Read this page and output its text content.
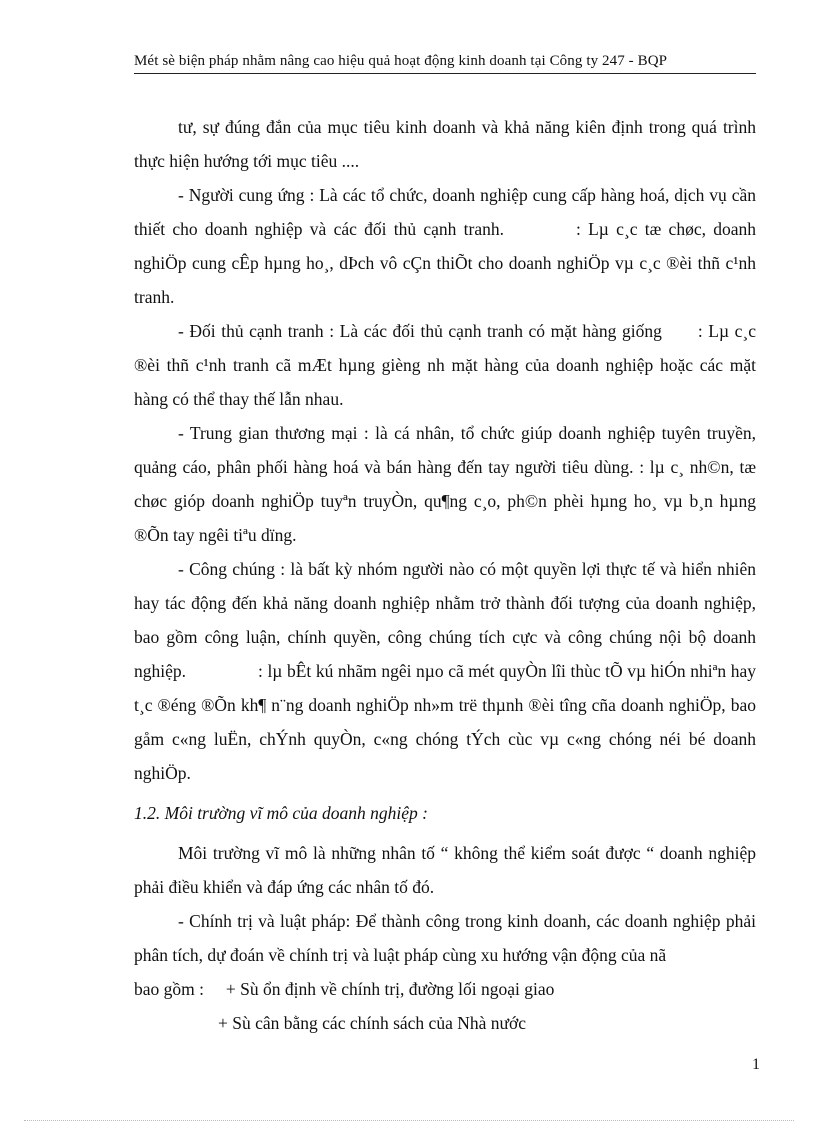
Mét sè biện pháp nhằm nâng cao hiệu quả hoạt động kinh doanh tại Công ty 247 - BQP

tư, sự đúng đắn của mục tiêu kinh doanh và khả năng kiên định trong quá trình thực hiện hướng tới mục tiêu ....

- Người cung ứng : Là các tổ chức, doanh nghiệp cung cấp hàng hoá, dịch vụ cần thiết cho doanh nghiệp và các đối thủ cạnh tranh.	: Lµ c¸c tæ chøc, doanh nghiÖp cung cÊp hµng ho¸, dÞch vô cÇn thiÕt cho doanh nghiÖp vµ c¸c ®èi thñ c¹nh tranh.

- Đối thủ cạnh tranh : Là các đối thủ cạnh tranh có mặt hàng giống : Lµ c¸c ®èi thñ c¹nh tranh cã mÆt hµng gièng nh mặt hàng của doanh nghiệp hoặc các mặt hàng có thể thay thế lẫn nhau.

- Trung gian thương mại : là cá nhân, tổ chức giúp doanh nghiệp tuyên truyền, quảng cáo, phân phối hàng hoá và bán hàng đến tay người tiêu dùng. : lµ c¸ nh©n, tæ chøc gióp doanh nghiÖp tuyªn truyÒn, qu¶ng c¸o, ph©n phèi hµng ho¸ vµ b¸n hµng ®Õn tay ngêi tiªu dïng.

- Công chúng : là bất kỳ nhóm người nào có một quyền lợi thực tế và hiển nhiên hay tác động đến khả năng doanh nghiệp nhằm trở thành đối tượng của doanh nghiệp, bao gồm công luận, chính quyền, công chúng tích cực và công chúng nội bộ doanh nghiệp.	: lµ bÊt kú nhãm ngêi nµo cã mét quyÒn lîi thùc tÕ vµ hiÓn nhiªn hay t¸c ®éng ®Õn kh¶ n¨ng doanh nghiÖp nh»m trë thµnh ®èi tîng cña doanh nghiÖp, bao gåm c«ng luËn, chÝnh quyÒn, c«ng chóng tÝch cùc vµ c«ng chóng néi bé doanh nghiÖp.

1.2. Môi trường vĩ mô của doanh nghiệp :

Môi trường vĩ mô là những nhân tố “ không thể kiểm soát được “ doanh nghiệp phải điều khiển và đáp ứng các nhân tố đó.

- Chính trị và luật pháp: Để thành công trong kinh doanh, các doanh nghiệp phải phân tích, dự đoán về chính trị và luật pháp cùng xu hướng vận động của nã

bao gồm : + Sù ổn định về chính trị, đường lối ngoại giao

+ Sù cân bằng các chính sách của Nhà nước

1
